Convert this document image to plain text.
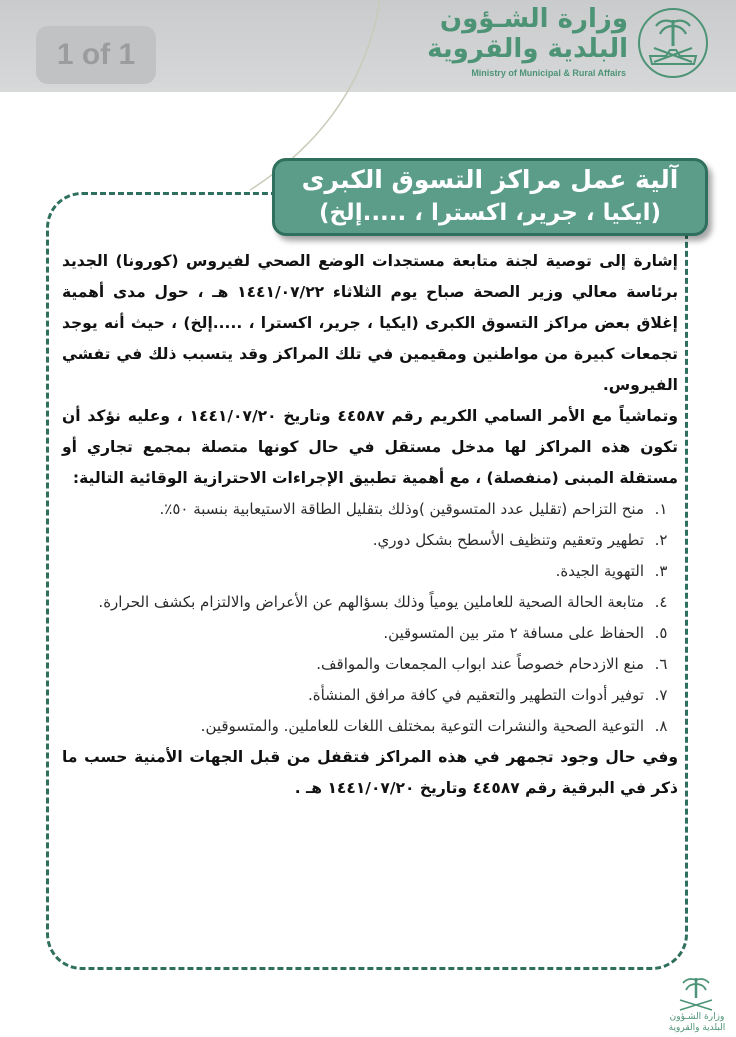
1 of 1
وزارة الشـؤون
البلدية والقروية
Ministry of Municipal & Rural Affairs
آلية عمل مراكز التسوق الكبرى
(ايكيا ، جرير، اكسترا ، .....إلخ)

إشارة إلى توصية لجنة متابعة مستجدات الوضع الصحي لفيروس (كورونا) الجديد برئاسة معالي وزير الصحة صباح يوم الثلاثاء ١٤٤١/٠٧/٢٢ هـ ، حول مدى أهمية إغلاق بعض مراكز التسوق الكبرى (ايكيا ، جرير، اكسترا ، .....إلخ) ، حيث أنه يوجد تجمعات كبيرة من مواطنين ومقيمين في تلك المراكز وقد يتسبب ذلك في تفشي الفيروس.

وتماشياً مع الأمر السامي الكريم رقم ٤٤٥٨٧ وتاريخ ١٤٤١/٠٧/٢٠ ، وعليه نؤكد أن تكون هذه المراكز لها مدخل مستقل في حال كونها متصلة بمجمع تجاري أو مستقلة المبنى (منفصلة) ، مع أهمية تطبيق الإجراءات الاحترازية الوقائية التالية:

١.
منح التزاحم (تقليل عدد المتسوقين )وذلك بتقليل الطاقة الاستيعابية بنسبة ٥٠٪.
٢.
تطهير وتعقيم وتنظيف الأسطح بشكل دوري.
٣.
التهوية الجيدة.
٤.
متابعة الحالة الصحية للعاملين يومياً وذلك بسؤالهم عن الأعراض والالتزام بكشف الحرارة.
٥.
الحفاظ على مسافة ٢ متر بين المتسوقين.
٦.
منع الازدحام خصوصاً عند ابواب المجمعات والمواقف.
٧.
توفير أدوات التطهير والتعقيم في كافة مرافق المنشأة.
٨.
التوعية الصحية والنشرات التوعية بمختلف اللغات للعاملين. والمتسوقين.

وفي حال وجود تجمهر في هذه المراكز فتقفل من قبل الجهات الأمنية حسب ما ذكر في البرقية رقم ٤٤٥٨٧ وتاريخ ١٤٤١/٠٧/٢٠ هـ .

وزارة الشـؤون
البلدية والقروية
